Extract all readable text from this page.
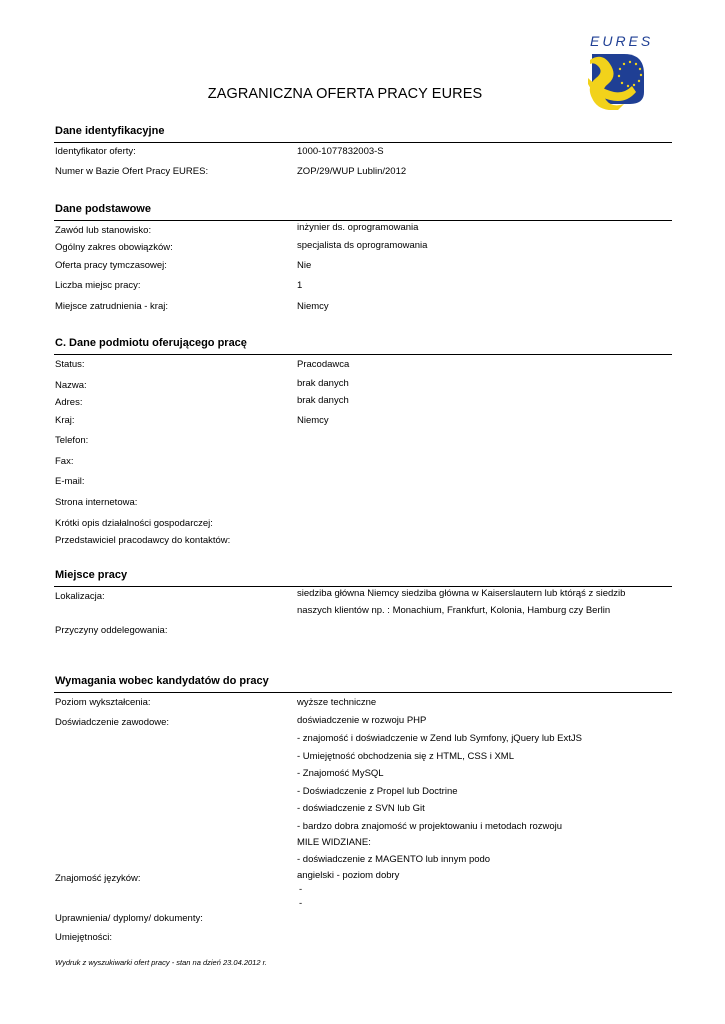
EURES
ZAGRANICZNA OFERTA PRACY EURES
Dane identyfikacyjne
Identyfikator oferty:	1000-1077832003-S
Numer w Bazie Ofert Pracy EURES:	ZOP/29/WUP Lublin/2012
Dane podstawowe
Zawód lub stanowisko:	inżynier ds. oprogramowania
Ogólny zakres obowiązków:	specjalista ds oprogramowania
Oferta pracy tymczasowej:	Nie
Liczba miejsc pracy:	1
Miejsce zatrudnienia - kraj:	Niemcy
C. Dane podmiotu oferującego pracę
Status:	Pracodawca
Nazwa:	brak danych
Adres:	brak danych
Kraj:	Niemcy
Telefon:
Fax:
E-mail:
Strona internetowa:
Krótki opis działalności gospodarczej:
Przedstawiciel pracodawcy do kontaktów:
Miejsce pracy
Lokalizacja:	siedziba główna Niemcy siedziba główna w Kaiserslautern lub którąś z siedzib
naszych klientów np. : Monachium, Frankfurt, Kolonia, Hamburg czy Berlin
Przyczyny oddelegowania:
Wymagania wobec kandydatów do pracy
Poziom wykształcenia:	wyższe techniczne
Doświadczenie zawodowe:	doświadczenie w rozwoju PHP
- znajomość i doświadczenie w Zend lub Symfony, jQuery lub ExtJS
- Umiejętność obchodzenia się z HTML, CSS i XML
- Znajomość MySQL
- Doświadczenie z Propel lub Doctrine
- doświadczenie z SVN lub Git
- bardzo dobra znajomość w projektowaniu i metodach rozwoju
MILE WIDZIANE:
- doświadczenie z MAGENTO lub innym podo
Znajomość języków:	angielski - poziom dobry
-
-
Uprawnienia/ dyplomy/ dokumenty:
Umiejętności:
Wydruk z wyszukiwarki ofert pracy - stan na dzień 23.04.2012 r.
